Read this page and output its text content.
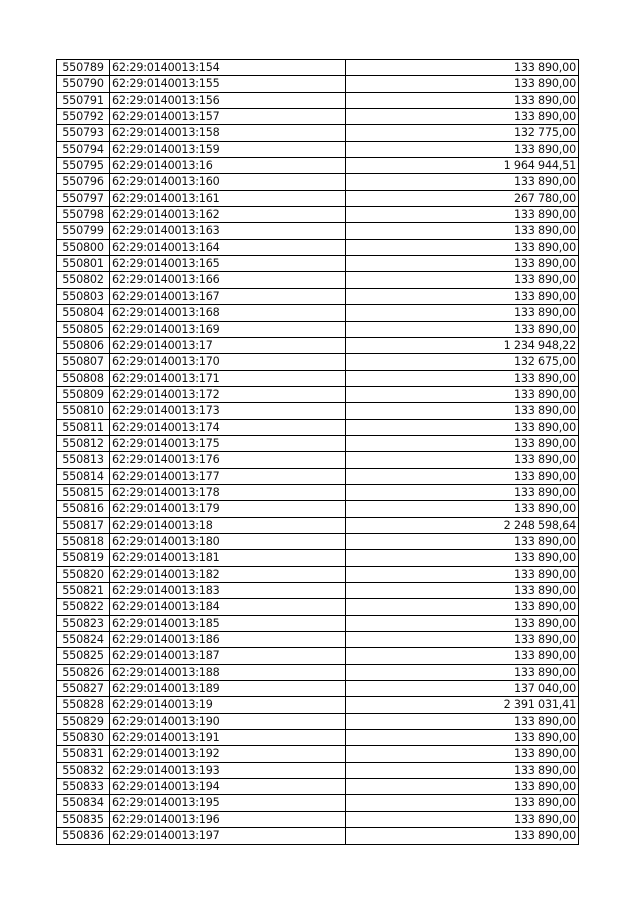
550789	62:29:0140013:154	133 890,00
550790	62:29:0140013:155	133 890,00
550791	62:29:0140013:156	133 890,00
550792	62:29:0140013:157	133 890,00
550793	62:29:0140013:158	132 775,00
550794	62:29:0140013:159	133 890,00
550795	62:29:0140013:16	1 964 944,51
550796	62:29:0140013:160	133 890,00
550797	62:29:0140013:161	267 780,00
550798	62:29:0140013:162	133 890,00
550799	62:29:0140013:163	133 890,00
550800	62:29:0140013:164	133 890,00
550801	62:29:0140013:165	133 890,00
550802	62:29:0140013:166	133 890,00
550803	62:29:0140013:167	133 890,00
550804	62:29:0140013:168	133 890,00
550805	62:29:0140013:169	133 890,00
550806	62:29:0140013:17	1 234 948,22
550807	62:29:0140013:170	132 675,00
550808	62:29:0140013:171	133 890,00
550809	62:29:0140013:172	133 890,00
550810	62:29:0140013:173	133 890,00
550811	62:29:0140013:174	133 890,00
550812	62:29:0140013:175	133 890,00
550813	62:29:0140013:176	133 890,00
550814	62:29:0140013:177	133 890,00
550815	62:29:0140013:178	133 890,00
550816	62:29:0140013:179	133 890,00
550817	62:29:0140013:18	2 248 598,64
550818	62:29:0140013:180	133 890,00
550819	62:29:0140013:181	133 890,00
550820	62:29:0140013:182	133 890,00
550821	62:29:0140013:183	133 890,00
550822	62:29:0140013:184	133 890,00
550823	62:29:0140013:185	133 890,00
550824	62:29:0140013:186	133 890,00
550825	62:29:0140013:187	133 890,00
550826	62:29:0140013:188	133 890,00
550827	62:29:0140013:189	137 040,00
550828	62:29:0140013:19	2 391 031,41
550829	62:29:0140013:190	133 890,00
550830	62:29:0140013:191	133 890,00
550831	62:29:0140013:192	133 890,00
550832	62:29:0140013:193	133 890,00
550833	62:29:0140013:194	133 890,00
550834	62:29:0140013:195	133 890,00
550835	62:29:0140013:196	133 890,00
550836	62:29:0140013:197	133 890,00
